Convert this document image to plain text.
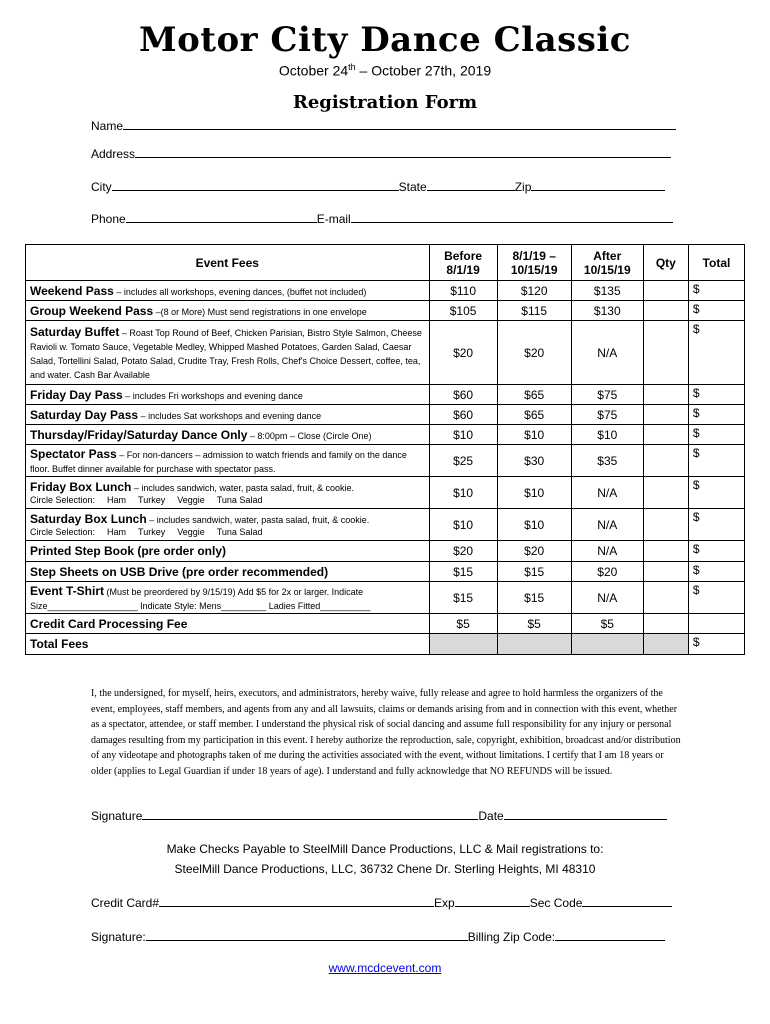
Motor City Dance Classic
October 24th – October 27th, 2019
Registration Form
Name
Address
City	State	Zip
Phone	E-mail
Event Fees	Before 8/1/19	8/1/19 – 10/15/19	After 10/15/19	Qty	Total
Weekend Pass – includes all workshops, evening dances, (buffet not included)	$110	$120	$135		$
Group Weekend Pass –(8 or More) Must send registrations in one envelope	$105	$115	$130		$
Saturday Buffet – Roast Top Round of Beef, Chicken Parisian, Bistro Style Salmon, Cheese Ravioli w. Tomato Sauce, Vegetable Medley, Whipped Mashed Potatoes, Garden Salad, Caesar Salad, Tortellini Salad, Potato Salad, Crudite Tray, Fresh Rolls, Chef's Choice Dessert, coffee, tea, and water. Cash Bar Available	$20	$20	N/A		$
Friday Day Pass – includes Fri workshops and evening dance	$60	$65	$75		$
Saturday Day Pass – includes Sat workshops and evening dance	$60	$65	$75		$
Thursday/Friday/Saturday Dance Only – 8:00pm – Close (Circle One)	$10	$10	$10		$
Spectator Pass – For non-dancers – admission to watch friends and family on the dance floor. Buffet dinner available for purchase with spectator pass.	$25	$30	$35		$
Friday Box Lunch – includes sandwich, water, pasta salad, fruit, & cookie.
Circle Selection: Ham Turkey Veggie Tuna Salad	$10	$10	N/A		$
Saturday Box Lunch – includes sandwich, water, pasta salad, fruit, & cookie.
Circle Selection: Ham Turkey Veggie Tuna Salad	$10	$10	N/A		$
Printed Step Book (pre order only)	$20	$20	N/A		$
Step Sheets on USB Drive (pre order recommended)	$15	$15	$20		$
Event T-Shirt (Must be preordered by 9/15/19) Add $5 for 2x or larger. Indicate Size__________________ Indicate Style: Mens_________ Ladies Fitted__________	$15	$15	N/A		$
Credit Card Processing Fee	$5	$5	$5		
Total Fees					$
I, the undersigned, for myself, heirs, executors, and administrators, hereby waive, fully release and agree to hold harmless the organizers of the event, employees, staff members, and agents from any and all lawsuits, claims or demands arising from and in connection with this event, whether as a spectator, attendee, or staff member. I understand the physical risk of social dancing and assume full responsibility for any injury or personal damages resulting from my participation in this event. I hereby authorize the reproduction, sale, copyright, exhibition, broadcast and/or distribution of any videotape and photographs taken of me during the activities associated with the event, without limitations. I certify that I am 18 years or older (applies to Legal Guardian if under 18 years of age). I understand and fully acknowledge that NO REFUNDS will be issued.
Signature	Date
Make Checks Payable to SteelMill Dance Productions, LLC & Mail registrations to:
SteelMill Dance Productions, LLC, 36732 Chene Dr. Sterling Heights, MI 48310
Credit Card#	Exp	Sec Code
Signature:	Billing Zip Code:
www.mcdcevent.com
